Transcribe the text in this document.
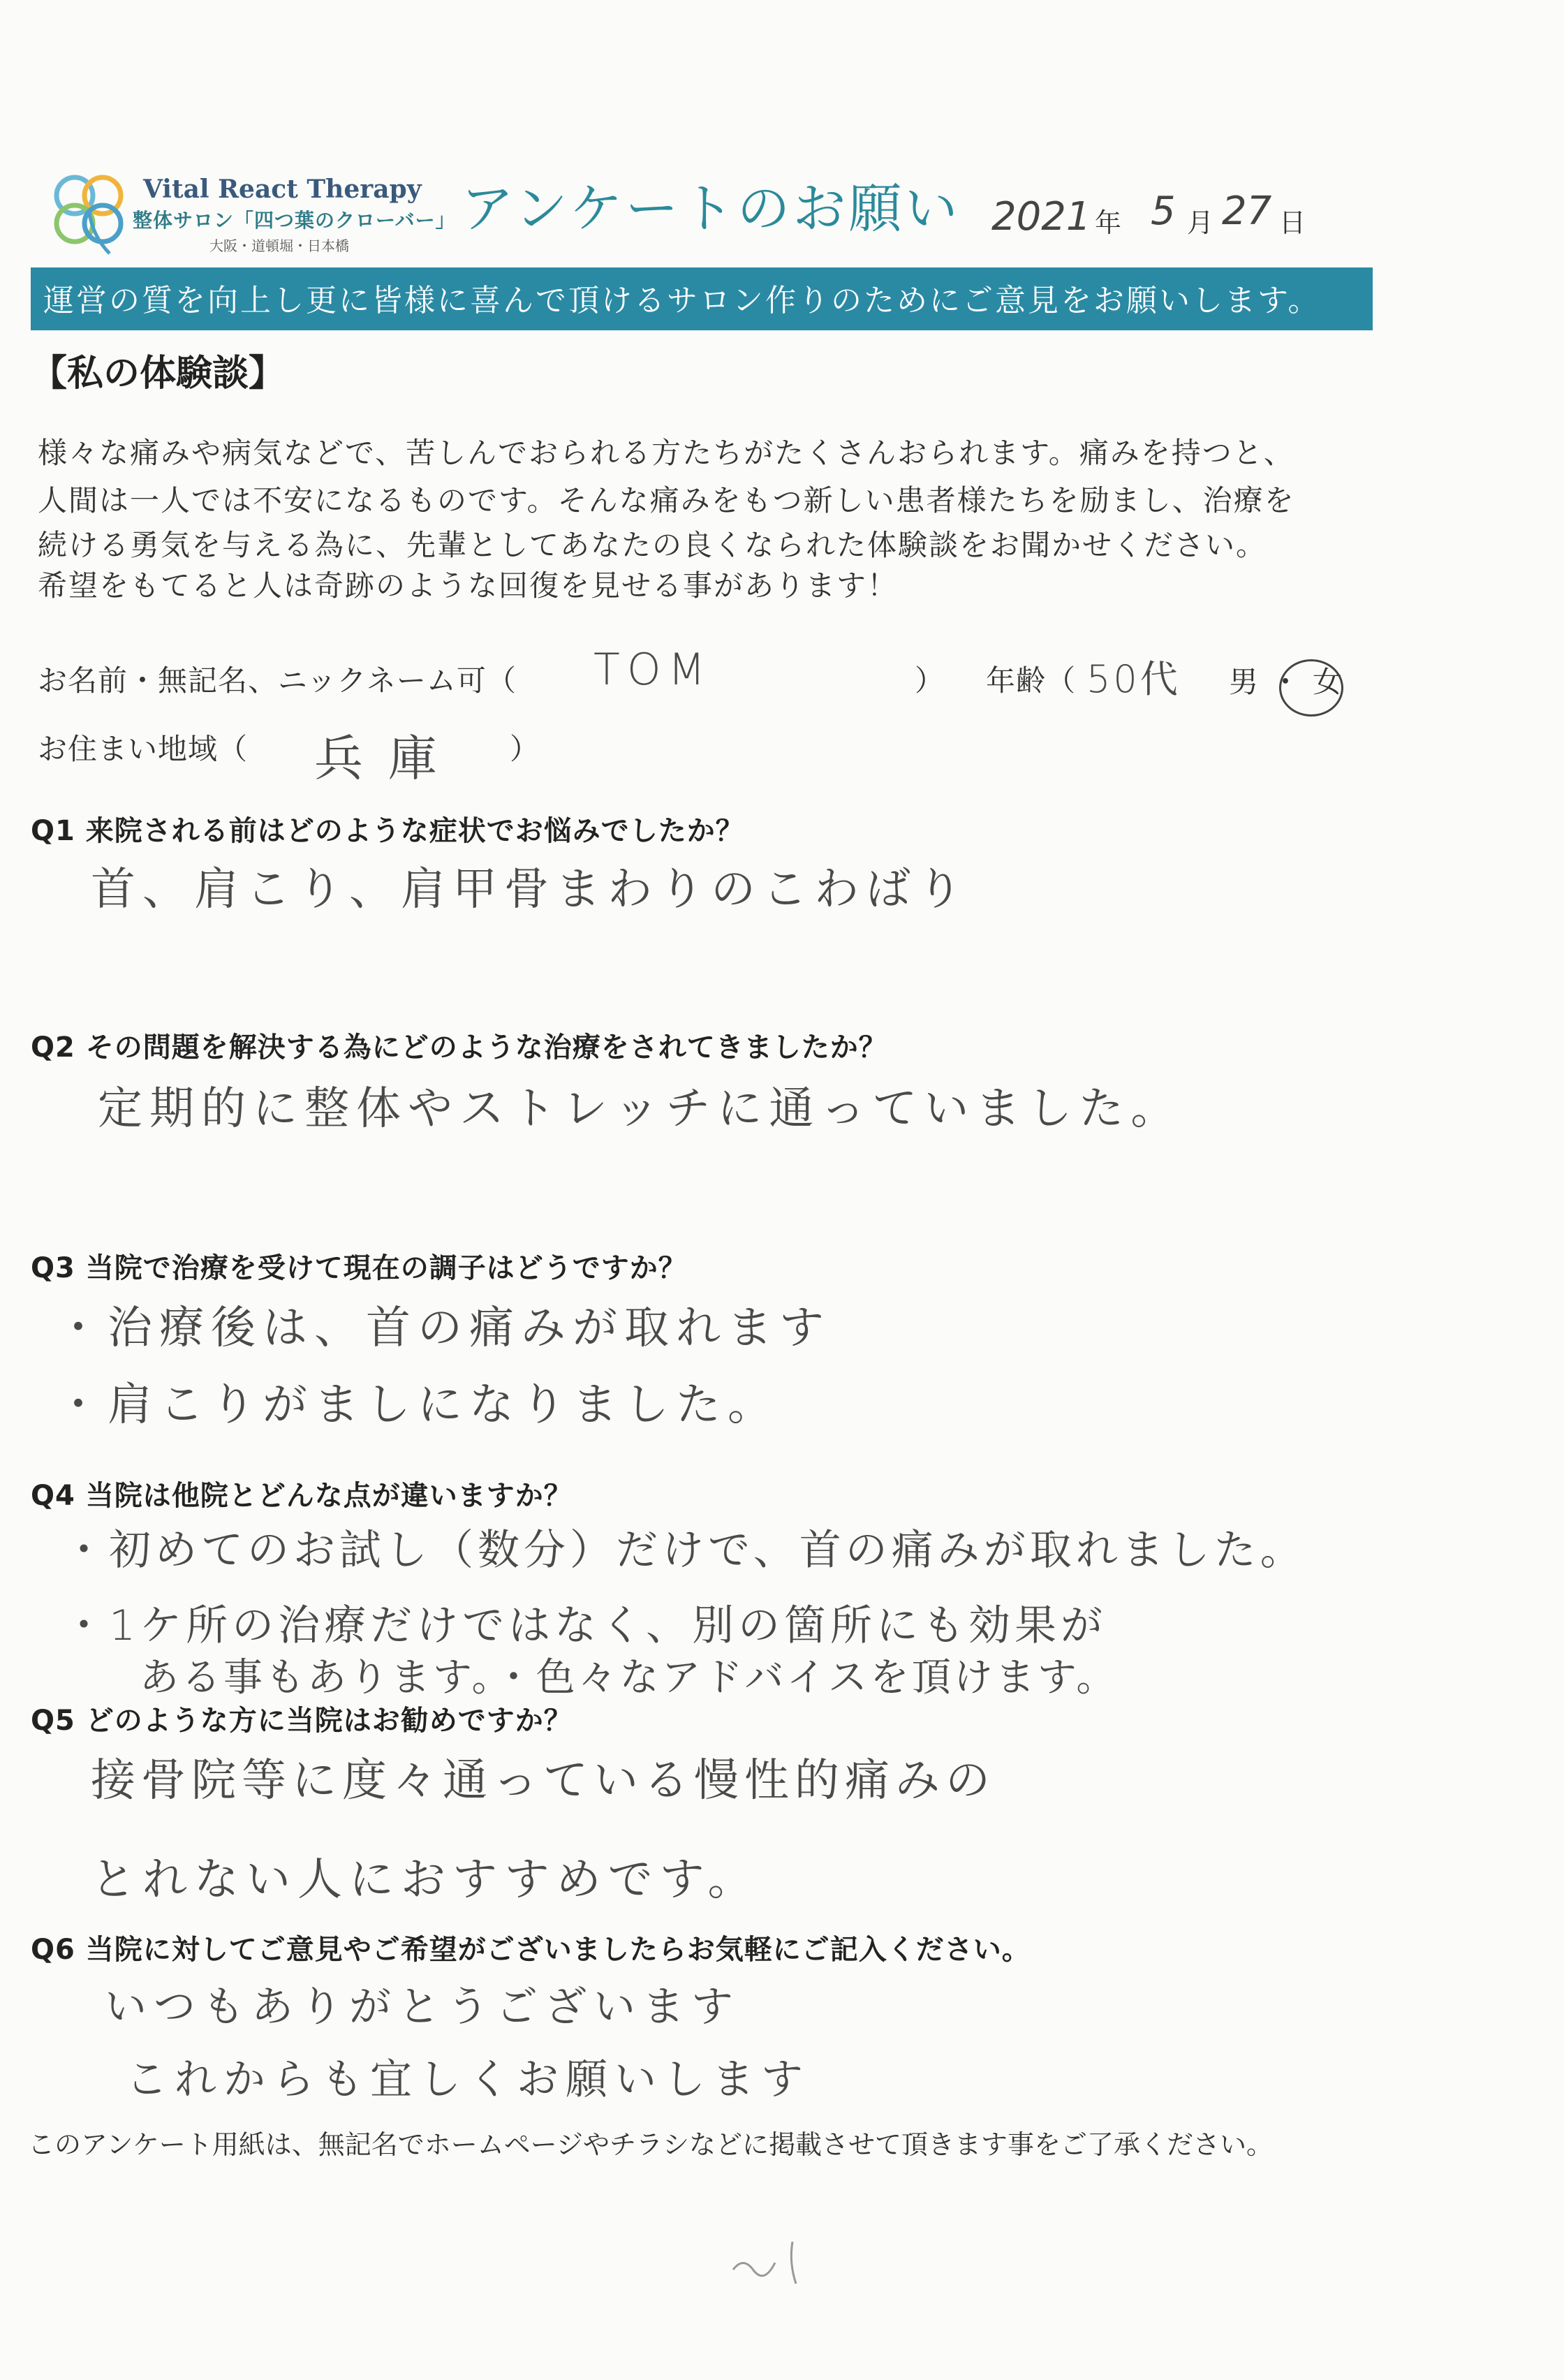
Vital React Therapy
整体サロン「四つ葉のクローバー」
大阪・道頓堀・日本橋
アンケートのお願い 2021 年 5 月 27 日
運営の質を向上し更に皆様に喜んで頂けるサロン作りのためにご意見をお願いします。
【私の体験談】
様々な痛みや病気などで、苦しんでおられる方たちがたくさんおられます。痛みを持つと、
人間は一人では不安になるものです。そんな痛みをもつ新しい患者様たちを励まし、治療を
続ける勇気を与える為に、先輩としてあなたの良くなられた体験談をお聞かせください。
希望をもてると人は奇跡のような回復を見せる事があります！
お名前・無記名、ニックネーム可（ TOM	） 年齢（ 50代 男・女
お住まい地域（ 兵庫 ）
Q1 来院される前はどのような症状でお悩みでしたか？
首、肩こり、肩甲骨まわりのこわばり
Q2 その問題を解決する為にどのような治療をされてきましたか？
定期的に整体やストレッチに通っていました。
Q3 当院で治療を受けて現在の調子はどうですか？
・治療後は、首の痛みが取れます
・肩こりがましになりました。
Q4 当院は他院とどんな点が違いますか？
・初めてのお試し（数分）だけで、首の痛みが取れました。
・1ケ所の治療だけではなく、別の箇所にも効果が
ある事もあります。・色々なアドバイスを頂けます。
Q5 どのような方に当院はお勧めですか？
接骨院等に度々通っている慢性的痛みの
とれない人におすすめです。
Q6 当院に対してご意見やご希望がございましたらお気軽にご記入ください。
いつもありがとうございます
これからも宜しくお願いします
このアンケート用紙は、無記名でホームページやチラシなどに掲載させて頂きます事をご了承ください。
